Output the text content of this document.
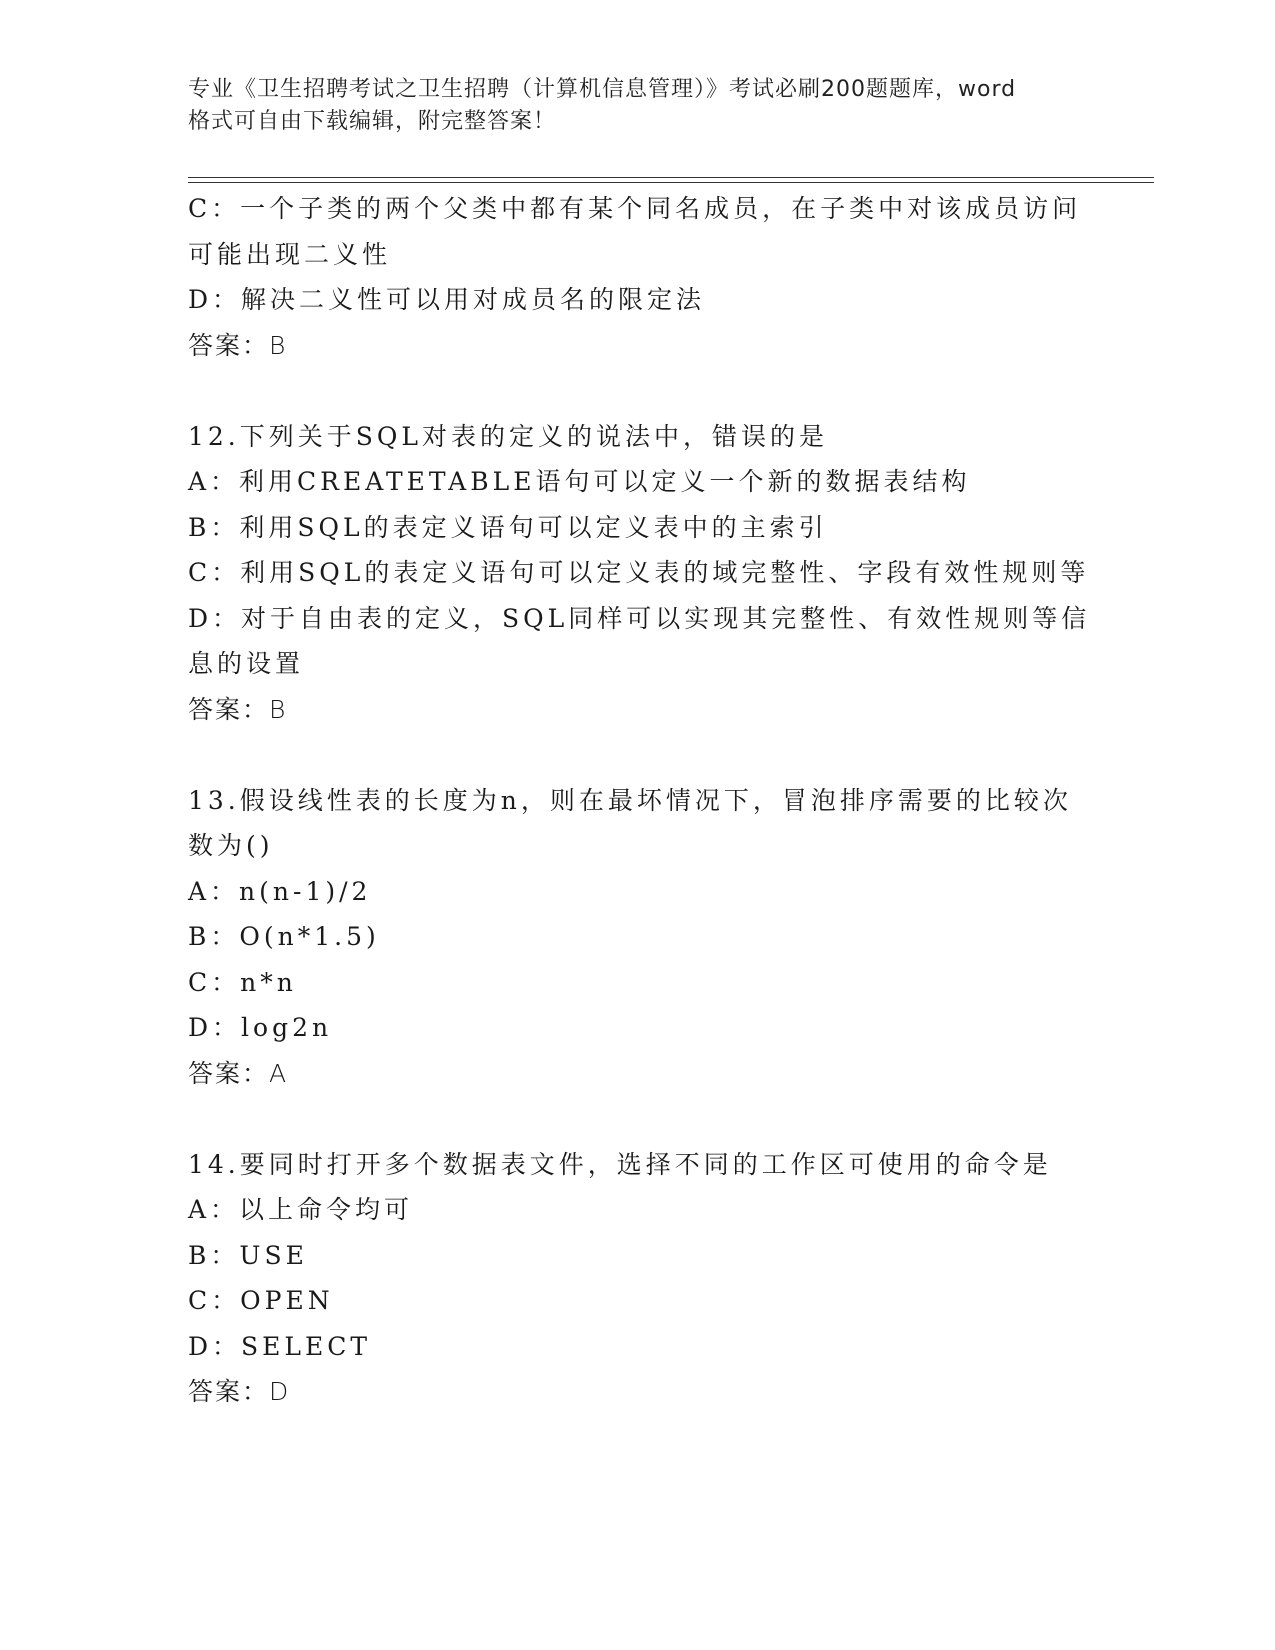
专业《卫生招聘考试之卫生招聘（计算机信息管理）》考试必刷200题题库，word
格式可自由下载编辑，附完整答案！
C：一个子类的两个父类中都有某个同名成员，在子类中对该成员访问
可能出现二义性
D：解决二义性可以用对成员名的限定法
答案：B
12.下列关于SQL对表的定义的说法中，错误的是
A：利用CREATETABLE语句可以定义一个新的数据表结构
B：利用SQL的表定义语句可以定义表中的主索引
C：利用SQL的表定义语句可以定义表的域完整性、字段有效性规则等
D：对于自由表的定义，SQL同样可以实现其完整性、有效性规则等信
息的设置
答案：B
13.假设线性表的长度为n，则在最坏情况下，冒泡排序需要的比较次
数为()
A：n(n-1)/2
B：O(n*1.5)
C：n*n
D：log2n
答案：A
14.要同时打开多个数据表文件，选择不同的工作区可使用的命令是
A：以上命令均可
B：USE
C：OPEN
D：SELECT
答案：D
